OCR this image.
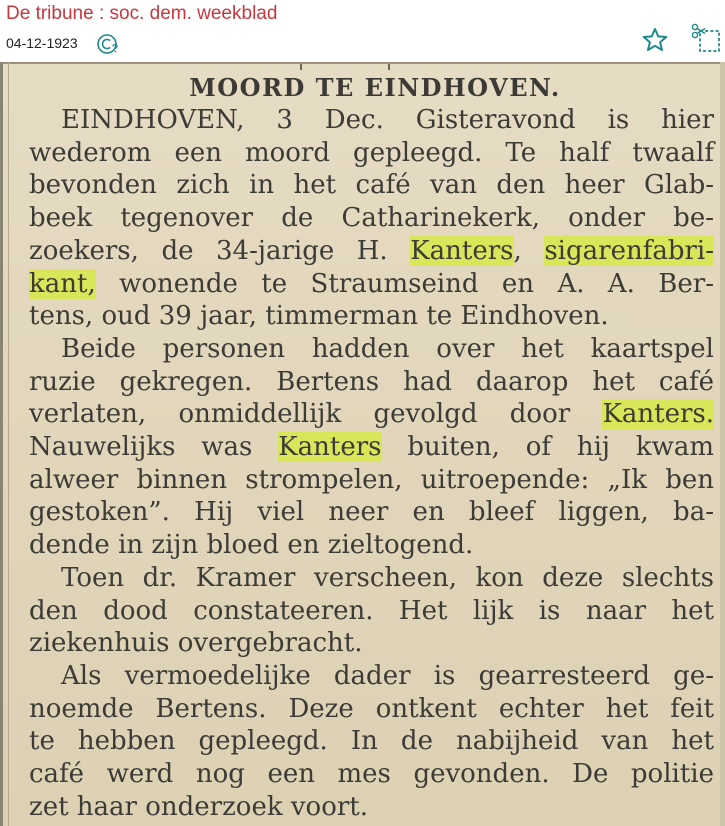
De tribune : soc. dem. weekblad
04-12-1923
MOORD TE EINDHOVEN.
EINDHOVEN, 3 Dec. Gisteravond is hier
wederom een moord gepleegd. Te half twaalf
bevonden zich in het café van den heer Glab-
beek tegenover de Catharinekerk, onder be-
zoekers, de 34-jarige H. Kanters, sigarenfabri-
kant, wonende te Straumseind en A. A. Ber-
tens, oud 39 jaar, timmerman te Eindhoven.
Beide personen hadden over het kaartspel
ruzie gekregen. Bertens had daarop het café
verlaten, onmiddellijk gevolgd door Kanters.
Nauwelijks was Kanters buiten, of hij kwam
alweer binnen strompelen, uitroepende: „Ik ben
gestoken”. Hij viel neer en bleef liggen, ba-
dende in zijn bloed en zieltogend.
Toen dr. Kramer verscheen, kon deze slechts
den dood constateeren. Het lijk is naar het
ziekenhuis overgebracht.
Als vermoedelijke dader is gearresteerd ge-
noemde Bertens. Deze ontkent echter het feit
te hebben gepleegd. In de nabijheid van het
café werd nog een mes gevonden. De politie
zet haar onderzoek voort.
